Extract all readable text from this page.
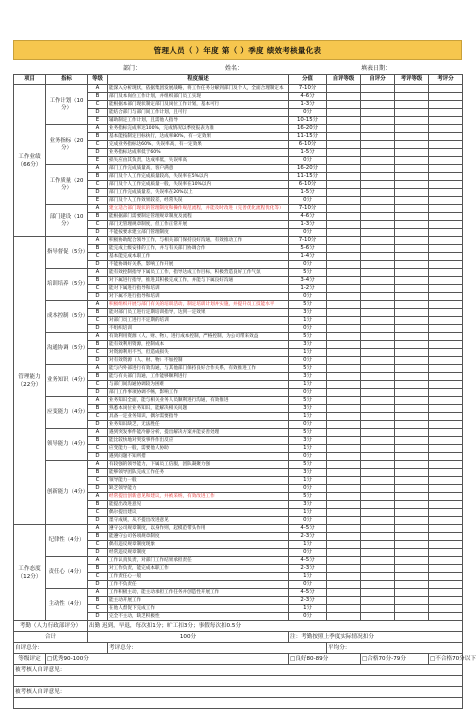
管理人员（ ）年度 第（ ）季度 绩效考核量化表
部门：	姓名：	填表日期：
项目	指标	等级	程度描述	分值	自评等级	自评分	考评等级	考评分
工作业绩（66分）	工作计划（10分）	A	能深入分析现状，依据集团发展战略，将工作任务分解到部门及个人，全面合理制定本	7-10分				
		B	部门及本岗位工作计划，并组织部门员工实现	4-6分				
		C	能根据本部门现状制定部门及岗位工作计划，基本可行	1-3分				
		D	能结合部门与部门间工作计划，且可行	0分				
		E	辅助制定工作计划，且需他人指导	10-15分				
	业务指标（20分）	A	业务指标完成率达100%，完成情况以季度报表为准	16-20分				
		B	基本能按制定目标执行，达成率80%，有一定效果	11-15分				
		C	完成业务指标达60%，失误率高，有一定效果	6-10分				
		D	业务指标达成率低于60%	1-5分				
		E	损失应由其负责，达成率低，失误率高	0分				
	工作质量（20分）	A	部门工作完成质量高，客户满意	16-20分				
		B	部门及个人工作完成质量较高，失误率在5%以内	11-15分				
		C	部门及个人工作完成质量一般，失误率在10%以内	6-10分				
		D	部门工作完成质量差，失误率在20%以上	1-5分				
		E	部门及个人工作效果较差，经常失误	0分				
	部门建设（10分）	A	建立适合部门现状的管理制度和操作规范流程，并能及时改进（完善优化流程优化等）	7-10分				
		B	能根据部门需要制定管理规章制度及流程	4-6分				
		C	部门无管理规章制度，但工作正常开展	1-3分				
		D	不能按要求建立部门管理制度	0分				
管理能力（22分）	指导督促（5分）	A	积极协助配合领导工作，与相关部门保持良好沟通，有效推动工作	7-10分				
		B	能完成上级安排的工作，并与有关部门协调合作	5-6分				
		C	基本能完成本职工作	1-4分				
		D	不能协调好关系，影响工作开展	0分				
	培训培养（5分）	A	能有效控制指导下属员工工作，指导达成工作目标，积极营造良好工作气氛	5分				
		B	对下属进行指导，推进其积极完成工作，并能与下属良好沟通	3-4分				
		C	能对下属进行指导和培训	1-2分				
		D	对下属不进行指导和培训	0分				
	成本控制（5分）	A	积极组织开展与部门有关的培训活动，制定培训计划并实施，并提升员工技能水平	5分				
		B	能对部门员工进行定期培训指导，达到一定效果	3分				
		C	对部门员工进行不定期的培训	1分				
		D	不组织培训	0分				
	沟通协调（5分）	A	有效利用资源（人、财、物），进行成本控制，严格控制，为公司带来效益	5分				
		B	能有效利用资源，控制成本	3分				
		C	对资源利用不当，但造成损失	1分				
		D	对有效资源（人、财、物）不加控制	0分				
	业务知识（4分）	A	能与内外部进行有效沟通，与其他部门保持良好合作关系，有效推进工作	5分				
		B	能与有关部门沟通，工作能够顺利进行	3分				
		C	与部门间沟通协调较为困难	1分				
		D	部门工作事项协调不畅，影响工作	0分				
	应变能力（4分）	A	业务知识全面，能与相关业务人员顺利进行沟通，有效推进	5分				
		B	熟悉本岗位业务知识，能解决相关问题	3分				
		C	具备一定业务知识，偶尔需要指导	1分				
		D	业务知识缺乏，无法胜任	0分				
	领导能力（4分）	A	遇到突发事件能冷静分析，提出解决方案并能妥善处理	5分				
		B	能比较快地对突发事件作出反应	3分				
		C	应变能力一般，需要他人协助	1分				
		D	遇到问题不知所措	0分				
	创新能力（4分）	A	有较强的领导能力，下属员工信服，团队凝聚力强	5分				
		B	能够领导团队完成工作任务	3分				
		C	领导能力一般	1分				
		D	缺乏领导能力	0分				
		A	经常提出创新意见和建议，并被采纳，有效改进工作	5分				
		B	能提出改进意见	3分				
		C	偶尔提出建议	1分				
		D	墨守成规，从不提出改进意见	0分				
工作态度（12分）	纪律性（4分）	A	遵守公司规章制度，以身作则，起模范带头作用	4-5分				
		B	能遵守公司各项规章制度	2-3分				
		C	偶有违反规章制度现象	1分				
		D	经常违反规章制度	0分				
	责任心（4分）	A	工作认真负责，对部门工作结果承担责任	4-5分				
		B	对工作负责，能完成本职工作	2-3分				
		C	工作责任心一般	1分				
		D	工作不负责任	0分				
	主动性（4分）	A	工作积极主动，能主动承担工作任务并创造性开展工作	4-5分				
		B	能主动开展工作	2-3分				
		C	在他人督促下完成工作	1分				
		D	完全不主动，缺乏积极性	0分				
考勤（人力行政部评分）		出勤 迟到，早退，每次扣1分；旷工扣3分；事假每次扣0.5分						
合计		100分		注：考勤按照上季度实际情况扣分				
自评总分：			考评总分：		平均分：			
等级评定	□优秀90-100分			□良好80-89分		□合格70分-79分		□不合格70分以下
被考核人自评意见：								

被考核人自评意见：								
